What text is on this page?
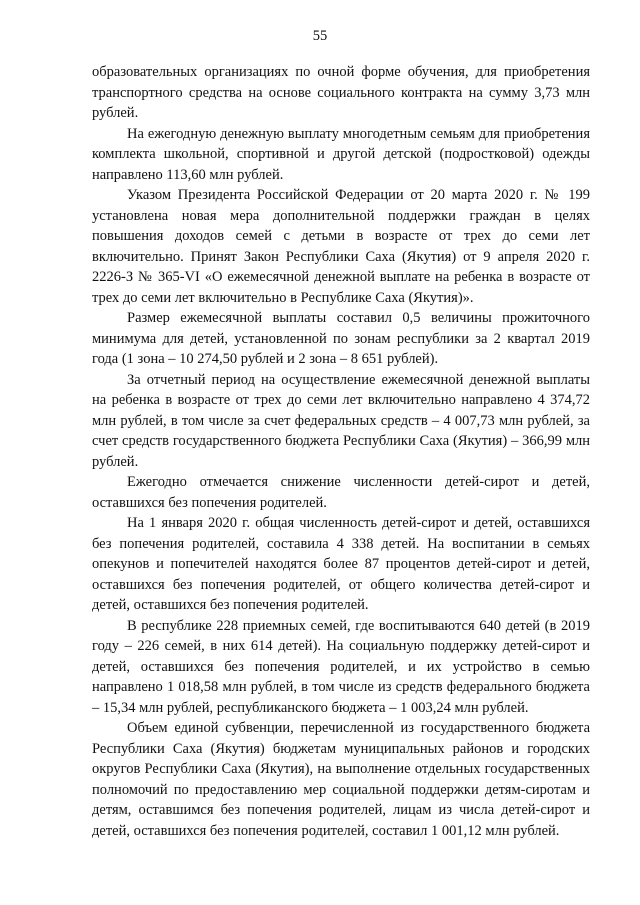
55

образовательных организациях по очной форме обучения, для приобретения транспортного средства на основе социального контракта на сумму 3,73 млн рублей.

На ежегодную денежную выплату многодетным семьям для приобретения комплекта школьной, спортивной и другой детской (подростковой) одежды направлено 113,60 млн рублей.

Указом Президента Российской Федерации от 20 марта 2020 г. № 199 установлена новая мера дополнительной поддержки граждан в целях повышения доходов семей с детьми в возрасте от трех до семи лет включительно. Принят Закон Республики Саха (Якутия) от 9 апреля 2020 г. 2226-З № 365-VI «О ежемесячной денежной выплате на ребенка в возрасте от трех до семи лет включительно в Республике Саха (Якутия)».

Размер ежемесячной выплаты составил 0,5 величины прожиточного минимума для детей, установленной по зонам республики за 2 квартал 2019 года (1 зона – 10 274,50 рублей и 2 зона – 8 651 рублей).

За отчетный период на осуществление ежемесячной денежной выплаты на ребенка в возрасте от трех до семи лет включительно направлено 4 374,72 млн рублей, в том числе за счет федеральных средств – 4 007,73 млн рублей, за счет средств государственного бюджета Республики Саха (Якутия) – 366,99 млн рублей.

Ежегодно отмечается снижение численности детей-сирот и детей, оставшихся без попечения родителей.

На 1 января 2020 г. общая численность детей-сирот и детей, оставшихся без попечения родителей, составила 4 338 детей. На воспитании в семьях опекунов и попечителей находятся более 87 процентов детей-сирот и детей, оставшихся без попечения родителей, от общего количества детей-сирот и детей, оставшихся без попечения родителей.

В республике 228 приемных семей, где воспитываются 640 детей (в 2019 году – 226 семей, в них 614 детей). На социальную поддержку детей-сирот и детей, оставшихся без попечения родителей, и их устройство в семью направлено 1 018,58 млн рублей, в том числе из средств федерального бюджета – 15,34 млн рублей, республиканского бюджета – 1 003,24 млн рублей.

Объем единой субвенции, перечисленной из государственного бюджета Республики Саха (Якутия) бюджетам муниципальных районов и городских округов Республики Саха (Якутия), на выполнение отдельных государственных полномочий по предоставлению мер социальной поддержки детям-сиротам и детям, оставшимся без попечения родителей, лицам из числа детей-сирот и детей, оставшихся без попечения родителей, составил 1 001,12 млн рублей.
